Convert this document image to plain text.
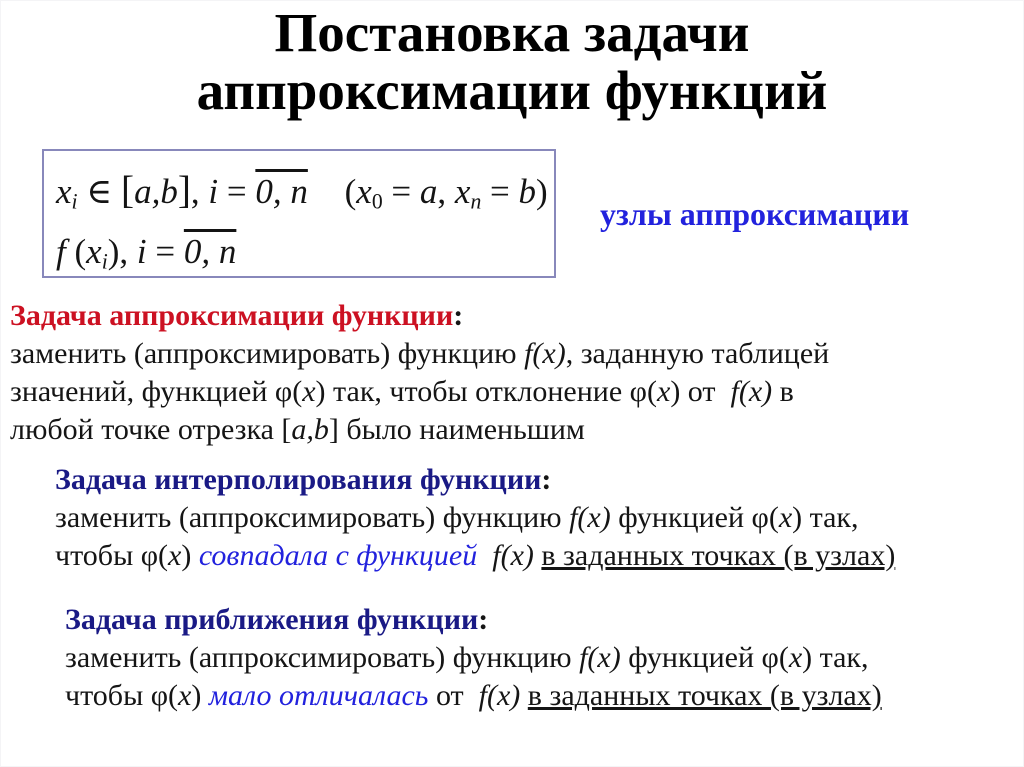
Постановка задачи
аппроксимации функций
$x_i$ ∈ [a,b], i = 0, n ($x_0 = a$, $x_n = b$)
f $(x_i)$, i = 0, n
узлы аппроксимации
Задача аппроксимации функции:
заменить (аппроксимировать) функцию f(x), заданную таблицей
значений, функцией φ(x) так, чтобы отклонение φ(x) от  f(x) в
любой точке отрезка [a,b] было наименьшим
Задача интерполирования функции:
заменить (аппроксимировать) функцию f(x) функцией φ(x) так,
чтобы φ(x) совпадала с функцией f(x) в заданных точках (в узлах)
Задача приближения функции:
заменить (аппроксимировать) функцию f(x) функцией φ(x) так,
чтобы φ(x) мало отличалась от  f(x) в заданных точках (в узлах)
